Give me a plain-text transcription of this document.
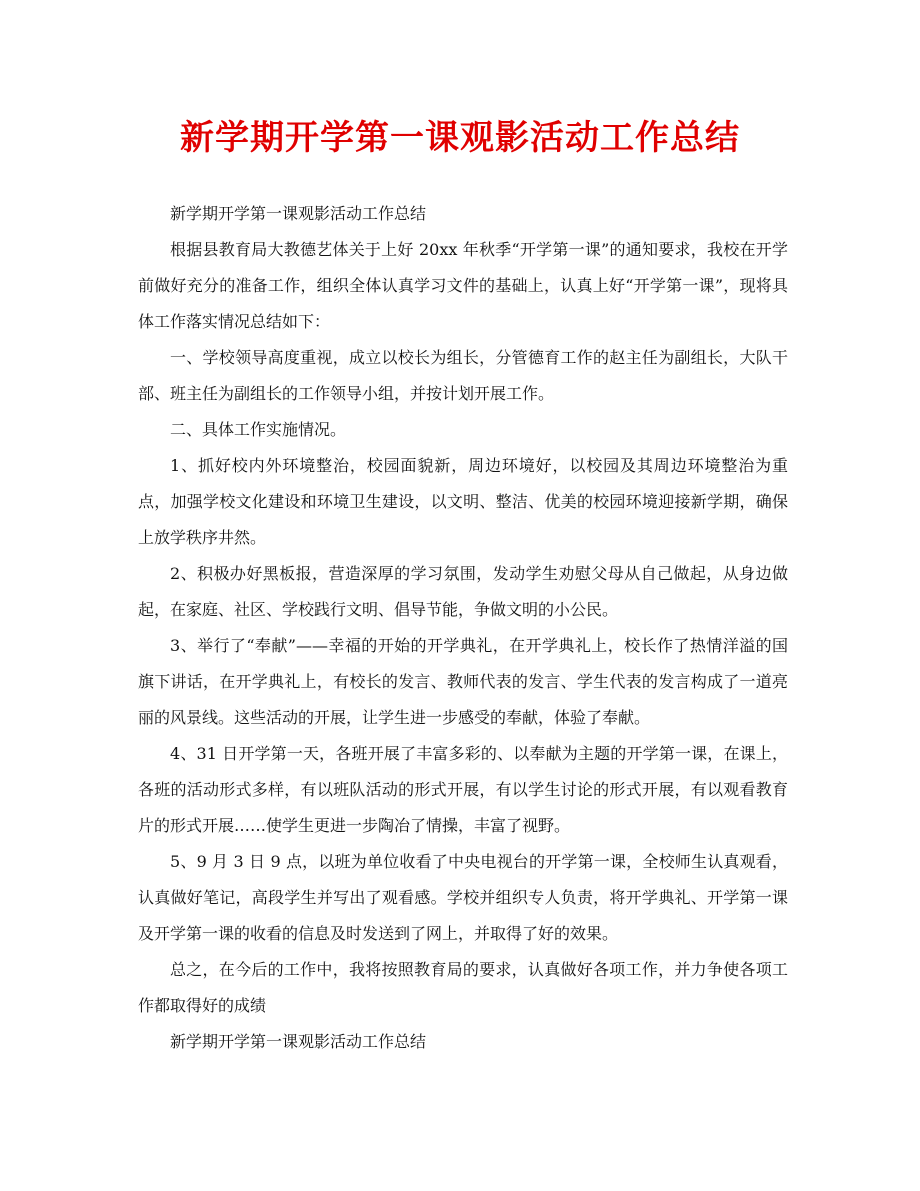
新学期开学第一课观影活动工作总结

新学期开学第一课观影活动工作总结

根据县教育局大教德艺体关于上好 20xx 年秋季“开学第一课”的通知要求，我校在开学前做好充分的准备工作，组织全体认真学习文件的基础上，认真上好“开学第一课”，现将具体工作落实情况总结如下：

一、学校领导高度重视，成立以校长为组长，分管德育工作的赵主任为副组长，大队干部、班主任为副组长的工作领导小组，并按计划开展工作。

二、具体工作实施情况。

1、抓好校内外环境整治，校园面貌新，周边环境好，以校园及其周边环境整治为重点，加强学校文化建设和环境卫生建设，以文明、整洁、优美的校园环境迎接新学期，确保上放学秩序井然。

2、积极办好黑板报，营造深厚的学习氛围，发动学生劝慰父母从自己做起，从身边做起，在家庭、社区、学校践行文明、倡导节能，争做文明的小公民。

3、举行了“奉献”——幸福的开始的开学典礼，在开学典礼上，校长作了热情洋溢的国旗下讲话，在开学典礼上，有校长的发言、教师代表的发言、学生代表的发言构成了一道亮丽的风景线。这些活动的开展，让学生进一步感受的奉献，体验了奉献。

4、31 日开学第一天，各班开展了丰富多彩的、以奉献为主题的开学第一课，在课上，各班的活动形式多样，有以班队活动的形式开展，有以学生讨论的形式开展，有以观看教育片的形式开展……使学生更进一步陶冶了情操，丰富了视野。

5、9 月 3 日 9 点，以班为单位收看了中央电视台的开学第一课，全校师生认真观看，认真做好笔记，高段学生并写出了观看感。学校并组织专人负责，将开学典礼、开学第一课及开学第一课的收看的信息及时发送到了网上，并取得了好的效果。

总之，在今后的工作中，我将按照教育局的要求，认真做好各项工作，并力争使各项工作都取得好的成绩

新学期开学第一课观影活动工作总结
